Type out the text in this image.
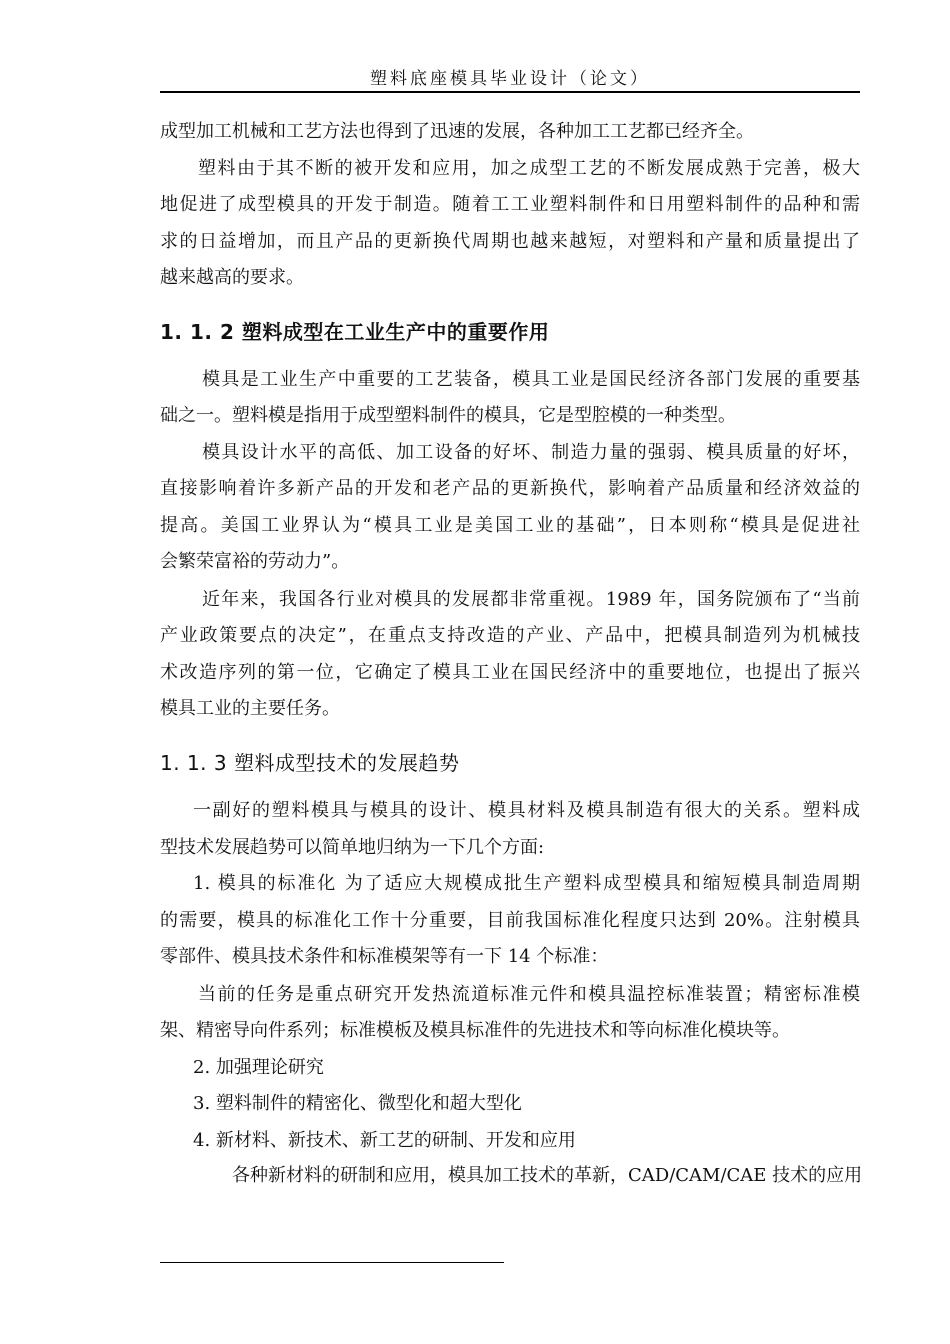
塑料底座模具毕业设计（论文）
成型加工机械和工艺方法也得到了迅速的发展，各种加工工艺都已经齐全。
塑料由于其不断的被开发和应用，加之成型工艺的不断发展成熟于完善，极大
地促进了成型模具的开发于制造。随着工工业塑料制件和日用塑料制件的品种和需
求的日益增加，而且产品的更新换代周期也越来越短，对塑料和产量和质量提出了
越来越高的要求。
1. 1. 2 塑料成型在工业生产中的重要作用
模具是工业生产中重要的工艺装备，模具工业是国民经济各部门发展的重要基
础之一。塑料模是指用于成型塑料制件的模具，它是型腔模的一种类型。
模具设计水平的高低、加工设备的好坏、制造力量的强弱、模具质量的好坏，
直接影响着许多新产品的开发和老产品的更新换代，影响着产品质量和经济效益的
提高。美国工业界认为“模具工业是美国工业的基础”，日本则称“模具是促进社
会繁荣富裕的劳动力”。
近年来，我国各行业对模具的发展都非常重视。1989 年，国务院颁布了“当前
产业政策要点的决定”，在重点支持改造的产业、产品中，把模具制造列为机械技
术改造序列的第一位，它确定了模具工业在国民经济中的重要地位，也提出了振兴
模具工业的主要任务。
1. 1. 3 塑料成型技术的发展趋势
一副好的塑料模具与模具的设计、模具材料及模具制造有很大的关系。塑料成
型技术发展趋势可以简单地归纳为一下几个方面:
1. 模具的标准化 为了适应大规模成批生产塑料成型模具和缩短模具制造周期
的需要，模具的标准化工作十分重要，目前我国标准化程度只达到 20%。注射模具
零部件、模具技术条件和标准模架等有一下 14 个标准：
当前的任务是重点研究开发热流道标准元件和模具温控标准装置；精密标准模
架、精密导向件系列；标准模板及模具标准件的先进技术和等向标准化模块等。
2. 加强理论研究
3. 塑料制件的精密化、微型化和超大型化
4. 新材料、新技术、新工艺的研制、开发和应用
各种新材料的研制和应用，模具加工技术的革新，CAD/CAM/CAE 技术的应用
